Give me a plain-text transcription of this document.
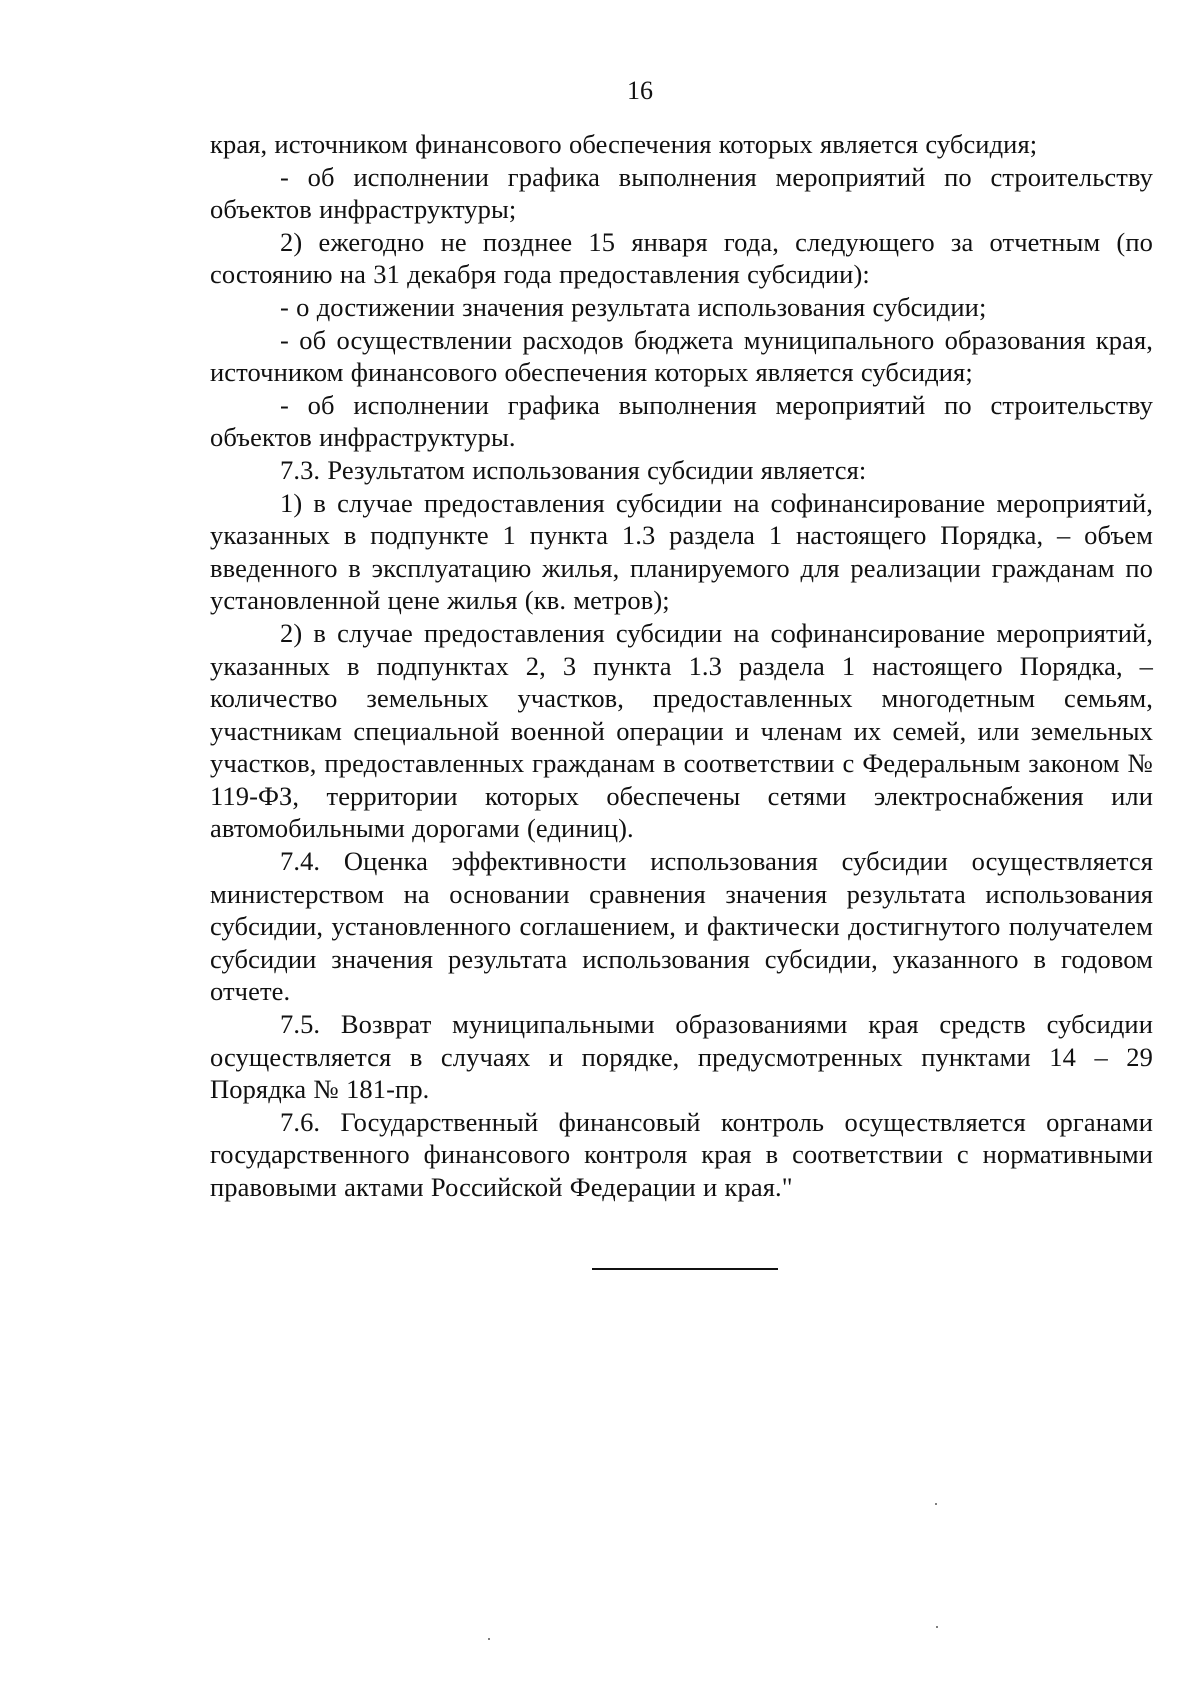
16

края, источником финансового обеспечения которых является субсидия;

- об исполнении графика выполнения мероприятий по строительству объектов инфраструктуры;

2) ежегодно не позднее 15 января года, следующего за отчетным (по состоянию на 31 декабря года предоставления субсидии):

- о достижении значения результата использования субсидии;

- об осуществлении расходов бюджета муниципального образования края, источником финансового обеспечения которых является субсидия;

- об исполнении графика выполнения мероприятий по строительству объектов инфраструктуры.

7.3. Результатом использования субсидии является:

1) в случае предоставления субсидии на софинансирование мероприятий, указанных в подпункте 1 пункта 1.3 раздела 1 настоящего Порядка, – объем введенного в эксплуатацию жилья, планируемого для реализации гражданам по установленной цене жилья (кв. метров);

2) в случае предоставления субсидии на софинансирование мероприятий, указанных в подпунктах 2, 3 пункта 1.3 раздела 1 настоящего Порядка, – количество земельных участков, предоставленных многодетным семьям, участникам специальной военной операции и членам их семей, или земельных участков, предоставленных гражданам в соответствии с Федеральным законом № 119-ФЗ, территории которых обеспечены сетями электроснабжения или автомобильными дорогами (единиц).

7.4. Оценка эффективности использования субсидии осуществляется министерством на основании сравнения значения результата использования субсидии, установленного соглашением, и фактически достигнутого получателем субсидии значения результата использования субсидии, указанного в годовом отчете.

7.5. Возврат муниципальными образованиями края средств субсидии осуществляется в случаях и порядке, предусмотренных пунктами 14 – 29 Порядка № 181-пр.

7.6. Государственный финансовый контроль осуществляется органами государственного финансового контроля края в соответствии с нормативными правовыми актами Российской Федерации и края."
